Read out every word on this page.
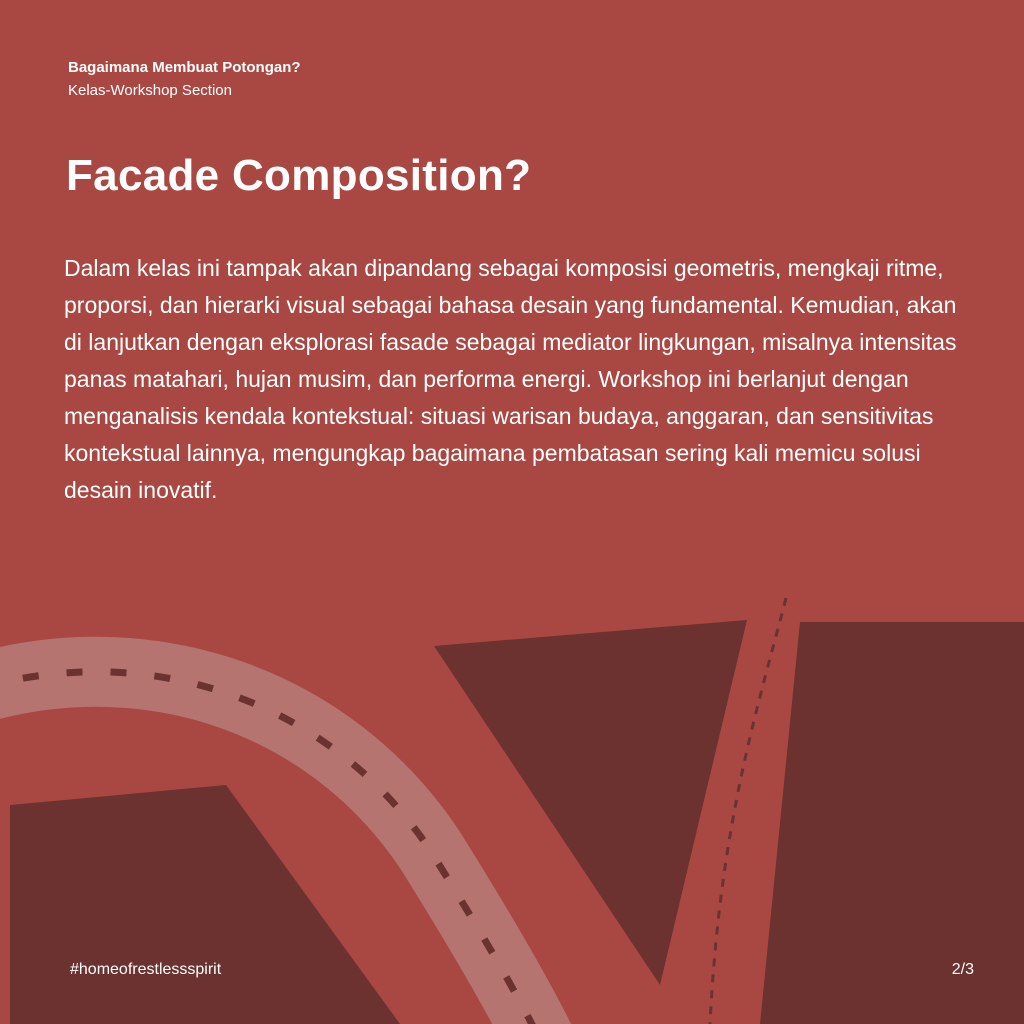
Bagaimana Membuat Potongan?
Kelas-Workshop Section
Facade Composition?

Dalam kelas ini tampak akan dipandang sebagai komposisi geometris, mengkaji ritme, proporsi, dan hierarki visual sebagai bahasa desain yang fundamental. Kemudian, akan di lanjutkan dengan eksplorasi fasade sebagai mediator lingkungan, misalnya intensitas panas matahari, hujan musim, dan performa energi. Workshop ini berlanjut dengan menganalisis kendala kontekstual: situasi warisan budaya, anggaran, dan sensitivitas kontekstual lainnya, mengungkap bagaimana pembatasan sering kali memicu solusi desain inovatif.

#homeofrestlessspirit	2/3
